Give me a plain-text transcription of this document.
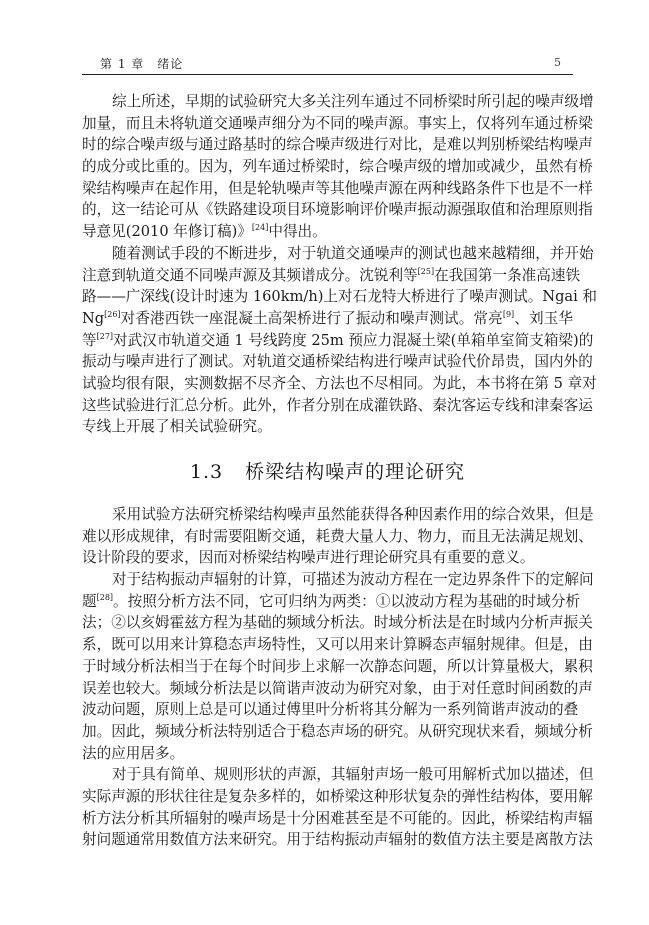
第 1 章　绪论	5
综上所述，早期的试验研究大多关注列车通过不同桥梁时所引起的噪声级增
加量，而且未将轨道交通噪声细分为不同的噪声源。事实上，仅将列车通过桥梁
时的综合噪声级与通过路基时的综合噪声级进行对比，是难以判别桥梁结构噪声
的成分或比重的。因为，列车通过桥梁时，综合噪声级的增加或减少，虽然有桥
梁结构噪声在起作用，但是轮轨噪声等其他噪声源在两种线路条件下也是不一样
的，这一结论可从《铁路建设项目环境影响评价噪声振动源强取值和治理原则指
导意见(2010 年修订稿)》[24]中得出。
随着测试手段的不断进步，对于轨道交通噪声的测试也越来越精细，并开始
注意到轨道交通不同噪声源及其频谱成分。沈锐利等[25]在我国第一条准高速铁
路——广深线(设计时速为 160km/h)上对石龙特大桥进行了噪声测试。Ngai 和
Ng[26]对香港西铁一座混凝土高架桥进行了振动和噪声测试。常亮[9]、刘玉华
等[27]对武汉市轨道交通 1 号线跨度 25m 预应力混凝土梁(单箱单室简支箱梁)的
振动与噪声进行了测试。对轨道交通桥梁结构进行噪声试验代价昂贵，国内外的
试验均很有限，实测数据不尽齐全、方法也不尽相同。为此，本书将在第 5 章对
这些试验进行汇总分析。此外，作者分别在成灌铁路、秦沈客运专线和津秦客运
专线上开展了相关试验研究。
1.3 桥梁结构噪声的理论研究
采用试验方法研究桥梁结构噪声虽然能获得各种因素作用的综合效果，但是
难以形成规律，有时需要阻断交通，耗费大量人力、物力，而且无法满足规划、
设计阶段的要求，因而对桥梁结构噪声进行理论研究具有重要的意义。
对于结构振动声辐射的计算，可描述为波动方程在一定边界条件下的定解问
题[28]。按照分析方法不同，它可归纳为两类：①以波动方程为基础的时域分析
法；②以亥姆霍兹方程为基础的频域分析法。时域分析法是在时域内分析声振关
系，既可以用来计算稳态声场特性，又可以用来计算瞬态声辐射规律。但是，由
于时域分析法相当于在每个时间步上求解一次静态问题，所以计算量极大，累积
误差也较大。频域分析法是以简谐声波动为研究对象，由于对任意时间函数的声
波动问题，原则上总是可以通过傅里叶分析将其分解为一系列简谐声波动的叠
加。因此，频域分析法特别适合于稳态声场的研究。从研究现状来看，频域分析
法的应用居多。
对于具有简单、规则形状的声源，其辐射声场一般可用解析式加以描述，但
实际声源的形状往往是复杂多样的，如桥梁这种形状复杂的弹性结构体，要用解
析方法分析其所辐射的噪声场是十分困难甚至是不可能的。因此，桥梁结构声辐
射问题通常用数值方法来研究。用于结构振动声辐射的数值方法主要是离散方法
